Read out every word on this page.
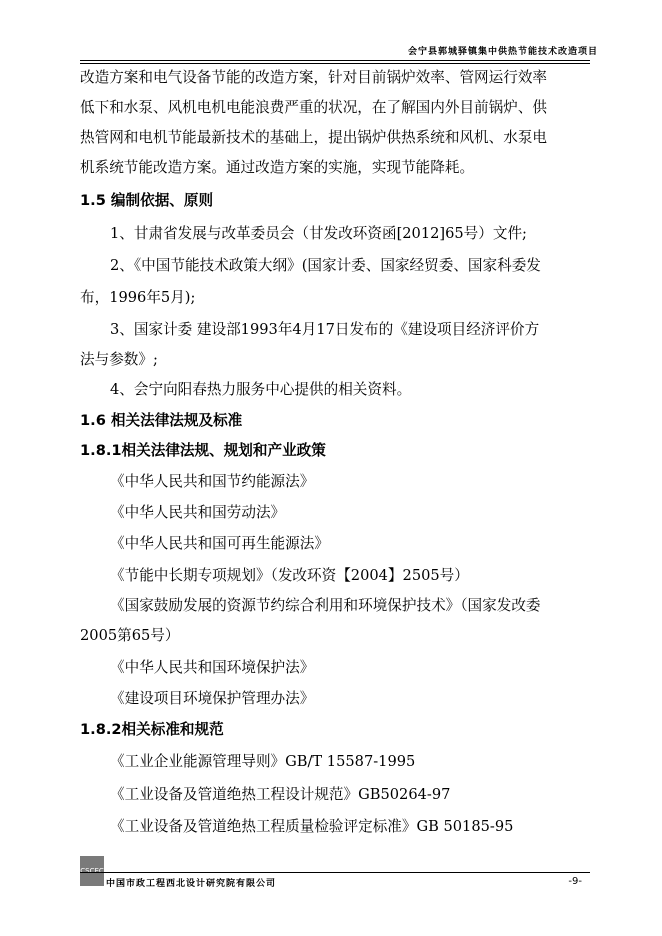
会宁县郭城驿镇集中供热节能技术改造项目
改造方案和电气设备节能的改造方案，针对目前锅炉效率、管网运行效率
低下和水泵、风机电机电能浪费严重的状况，在了解国内外目前锅炉、供
热管网和电机节能最新技术的基础上，提出锅炉供热系统和风机、水泵电
机系统节能改造方案。通过改造方案的实施，实现节能降耗。
1.5 编制依据、原则
1、甘肃省发展与改革委员会（甘发改环资函[2012]65号）文件;
2、《中国节能技术政策大纲》(国家计委、国家经贸委、国家科委发
布，1996年5月);
3、国家计委 建设部1993年4月17日发布的《建设项目经济评价方
法与参数》;
4、会宁向阳春热力服务中心提供的相关资料。
1.6 相关法律法规及标准
1.8.1相关法律法规、规划和产业政策
《中华人民共和国节约能源法》
《中华人民共和国劳动法》
《中华人民共和国可再生能源法》
《节能中长期专项规划》（发改环资【2004】2505号）
《国家鼓励发展的资源节约综合利用和环境保护技术》（国家发改委
2005第65号）
《中华人民共和国环境保护法》
《建设项目环境保护管理办法》
1.8.2相关标准和规范
《工业企业能源管理导则》GB/T 15587-1995
《工业设备及管道绝热工程设计规范》GB50264-97
《工业设备及管道绝热工程质量检验评定标准》GB 50185-95
CSCEC
中国市政工程西北设计研究院有限公司	-9-
